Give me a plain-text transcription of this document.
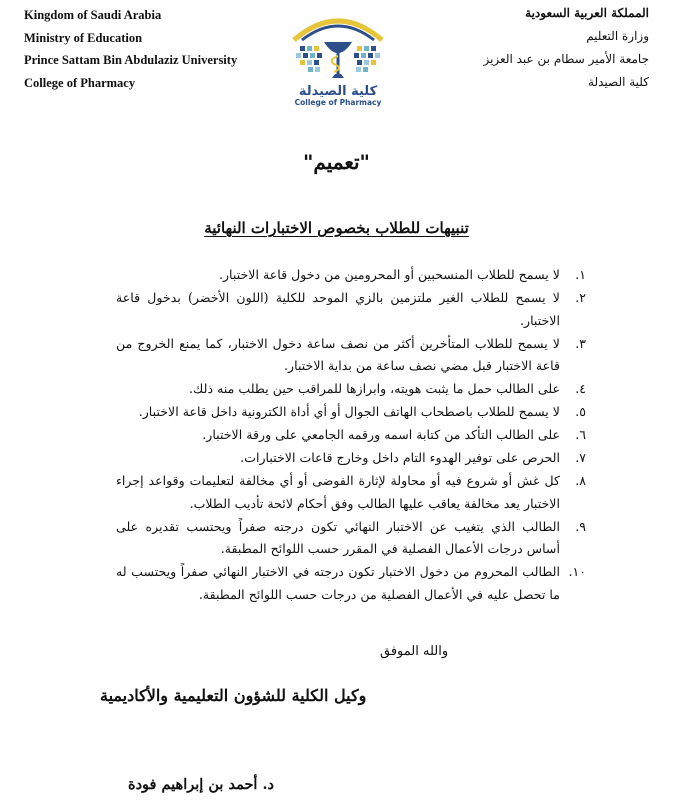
Kingdom of Saudi Arabia
Ministry of Education
Prince Sattam Bin Abdulaziz University
College of Pharmacy
المملكة العربية السعودية
وزارة التعليم
جامعة الأمير سطام بن عبد العزيز
كلية الصيدلة
كلية الصيدلة
College of Pharmacy
"تعميم"
تنبيهات للطلاب بخصوص الاختبارات النهائية
١.
لا يسمح للطلاب المنسحبين أو المحرومين من دخول قاعة الاختبار.
٢.
لا يسمح للطلاب الغير ملتزمين بالزي الموحد للكلية (اللون الأخضر) بدخول قاعة الاختبار.
٣.
لا يسمح للطلاب المتأخرين أكثر من نصف ساعة دخول الاختبار، كما يمنع الخروج من قاعة الاختبار قبل مضي نصف ساعة من بداية الاختبار.
٤.
على الطالب حمل ما يثبت هويته، وابرازها للمراقب حين يطلب منه ذلك.
٥.
لا يسمح للطلاب باصطحاب الهاتف الجوال أو أي أداة الكترونية داخل قاعة الاختبار.
٦.
على الطالب التأكد من كتابة اسمه ورقمه الجامعي على ورقة الاختبار.
٧.
الحرص على توفير الهدوء التام داخل وخارج قاعات الاختبارات.
٨.
كل غش أو شروع فيه أو محاولة لإثارة الفوضى أو أي مخالفة لتعليمات وقواعد إجراء الاختبار يعد مخالفة يعاقب عليها الطالب وفق أحكام لائحة تأديب الطلاب.
٩.
الطالب الذي يتغيب عن الاختبار النهائي تكون درجته صفراً ويحتسب تقديره على أساس درجات الأعمال الفصلية في المقرر حسب اللوائح المطبقة.
١٠.
الطالب المحروم من دخول الاختبار تكون درجته في الاختبار النهائي صفراً ويحتسب له ما تحصل عليه في الأعمال الفصلية من درجات حسب اللوائح المطبقة.
والله الموفق
وكيل الكلية للشؤون التعليمية والأكاديمية
د. أحمد بن إبراهيم فودة
